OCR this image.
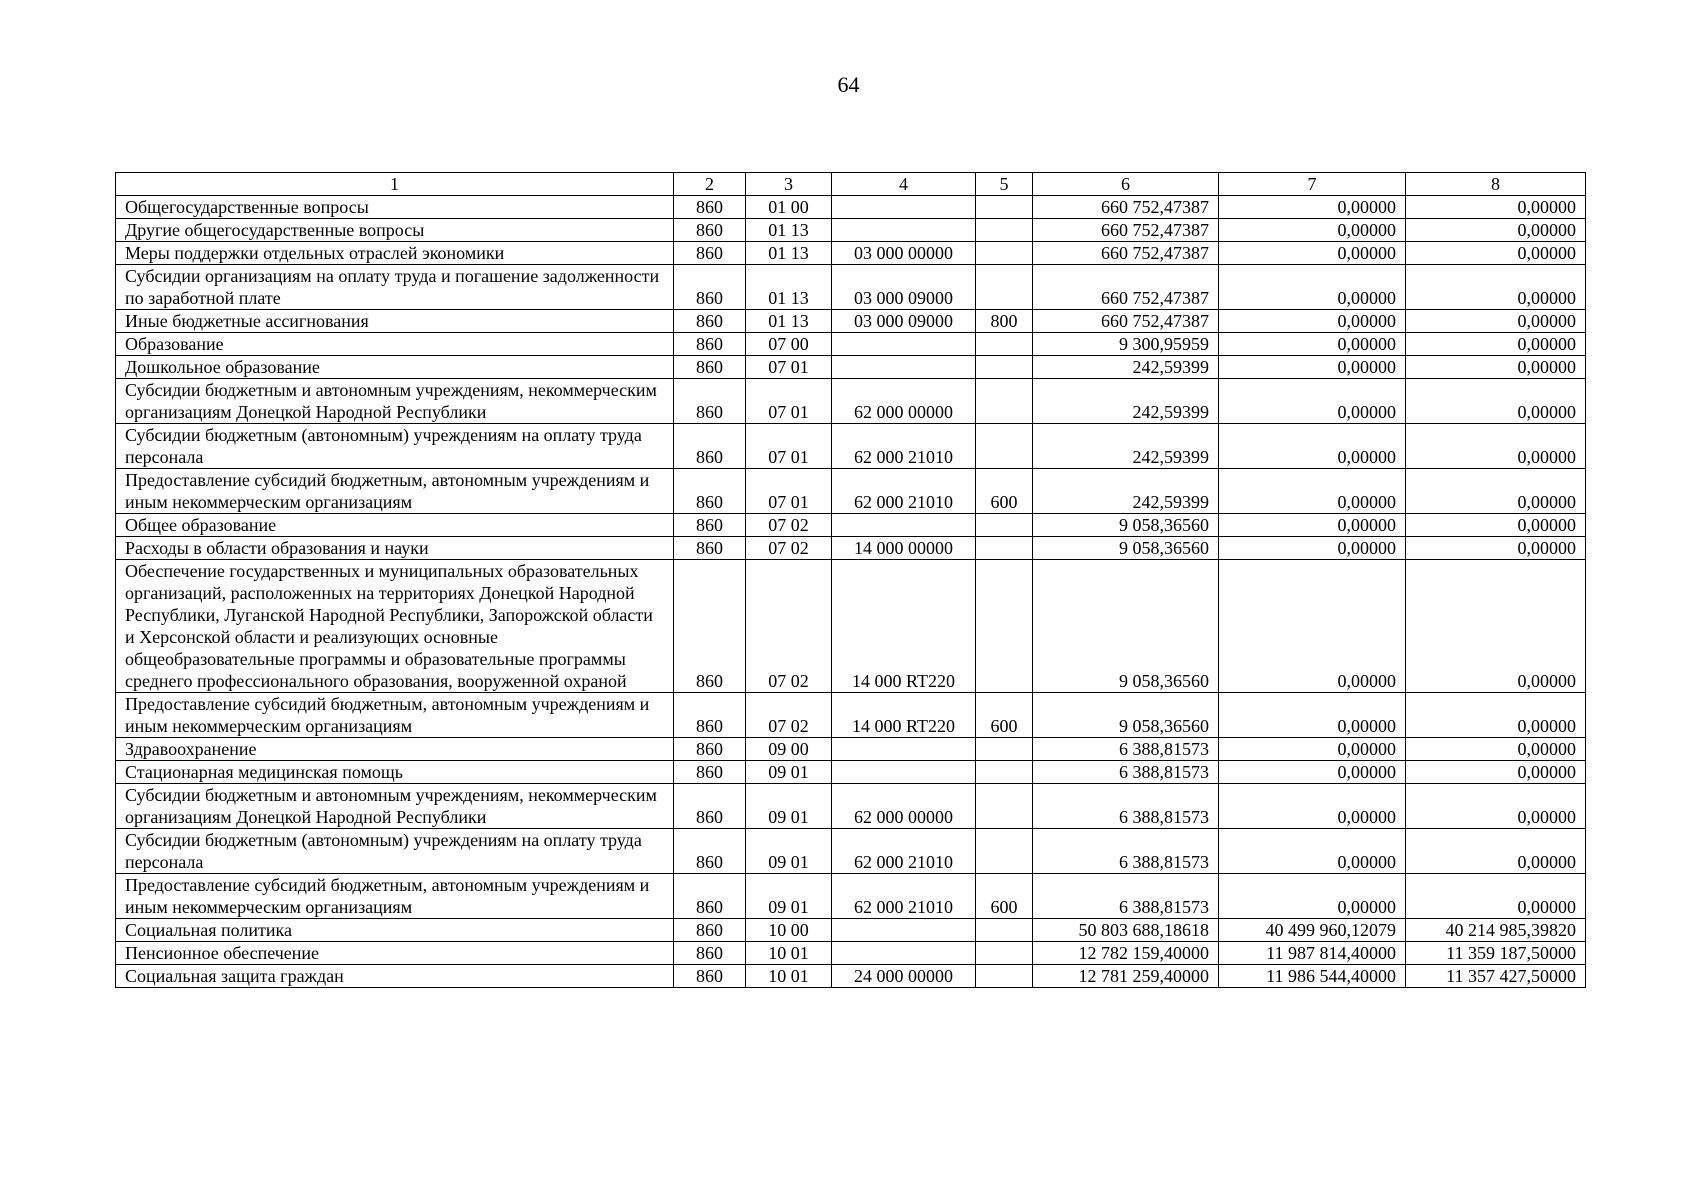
64
1	2	3	4	5	6	7	8
Общегосударственные вопросы	860	01 00			660 752,47387	0,00000	0,00000
Другие общегосударственные вопросы	860	01 13			660 752,47387	0,00000	0,00000
Меры поддержки отдельных отраслей экономики	860	01 13	03 000 00000		660 752,47387	0,00000	0,00000
Субсидии организациям на оплату труда и погашение задолженности по заработной плате	860	01 13	03 000 09000		660 752,47387	0,00000	0,00000
Иные бюджетные ассигнования	860	01 13	03 000 09000	800	660 752,47387	0,00000	0,00000
Образование	860	07 00			9 300,95959	0,00000	0,00000
Дошкольное образование	860	07 01			242,59399	0,00000	0,00000
Субсидии бюджетным и автономным учреждениям, некоммерческим организациям Донецкой Народной Республики	860	07 01	62 000 00000		242,59399	0,00000	0,00000
Субсидии бюджетным (автономным) учреждениям на оплату труда персонала	860	07 01	62 000 21010		242,59399	0,00000	0,00000
Предоставление субсидий бюджетным, автономным учреждениям и иным некоммерческим организациям	860	07 01	62 000 21010	600	242,59399	0,00000	0,00000
Общее образование	860	07 02			9 058,36560	0,00000	0,00000
Расходы в области образования и науки	860	07 02	14 000 00000		9 058,36560	0,00000	0,00000
Обеспечение государственных и муниципальных образовательных организаций, расположенных на территориях Донецкой Народной Республики, Луганской Народной Республики, Запорожской области и Херсонской области и реализующих основные общеобразовательные программы и образовательные программы среднего профессионального образования, вооруженной охраной	860	07 02	14 000 RT220		9 058,36560	0,00000	0,00000
Предоставление субсидий бюджетным, автономным учреждениям и иным некоммерческим организациям	860	07 02	14 000 RT220	600	9 058,36560	0,00000	0,00000
Здравоохранение	860	09 00			6 388,81573	0,00000	0,00000
Стационарная медицинская помощь	860	09 01			6 388,81573	0,00000	0,00000
Субсидии бюджетным и автономным учреждениям, некоммерческим организациям Донецкой Народной Республики	860	09 01	62 000 00000		6 388,81573	0,00000	0,00000
Субсидии бюджетным (автономным) учреждениям на оплату труда персонала	860	09 01	62 000 21010		6 388,81573	0,00000	0,00000
Предоставление субсидий бюджетным, автономным учреждениям и иным некоммерческим организациям	860	09 01	62 000 21010	600	6 388,81573	0,00000	0,00000
Социальная политика	860	10 00			50 803 688,18618	40 499 960,12079	40 214 985,39820
Пенсионное обеспечение	860	10 01			12 782 159,40000	11 987 814,40000	11 359 187,50000
Социальная защита граждан	860	10 01	24 000 00000		12 781 259,40000	11 986 544,40000	11 357 427,50000
